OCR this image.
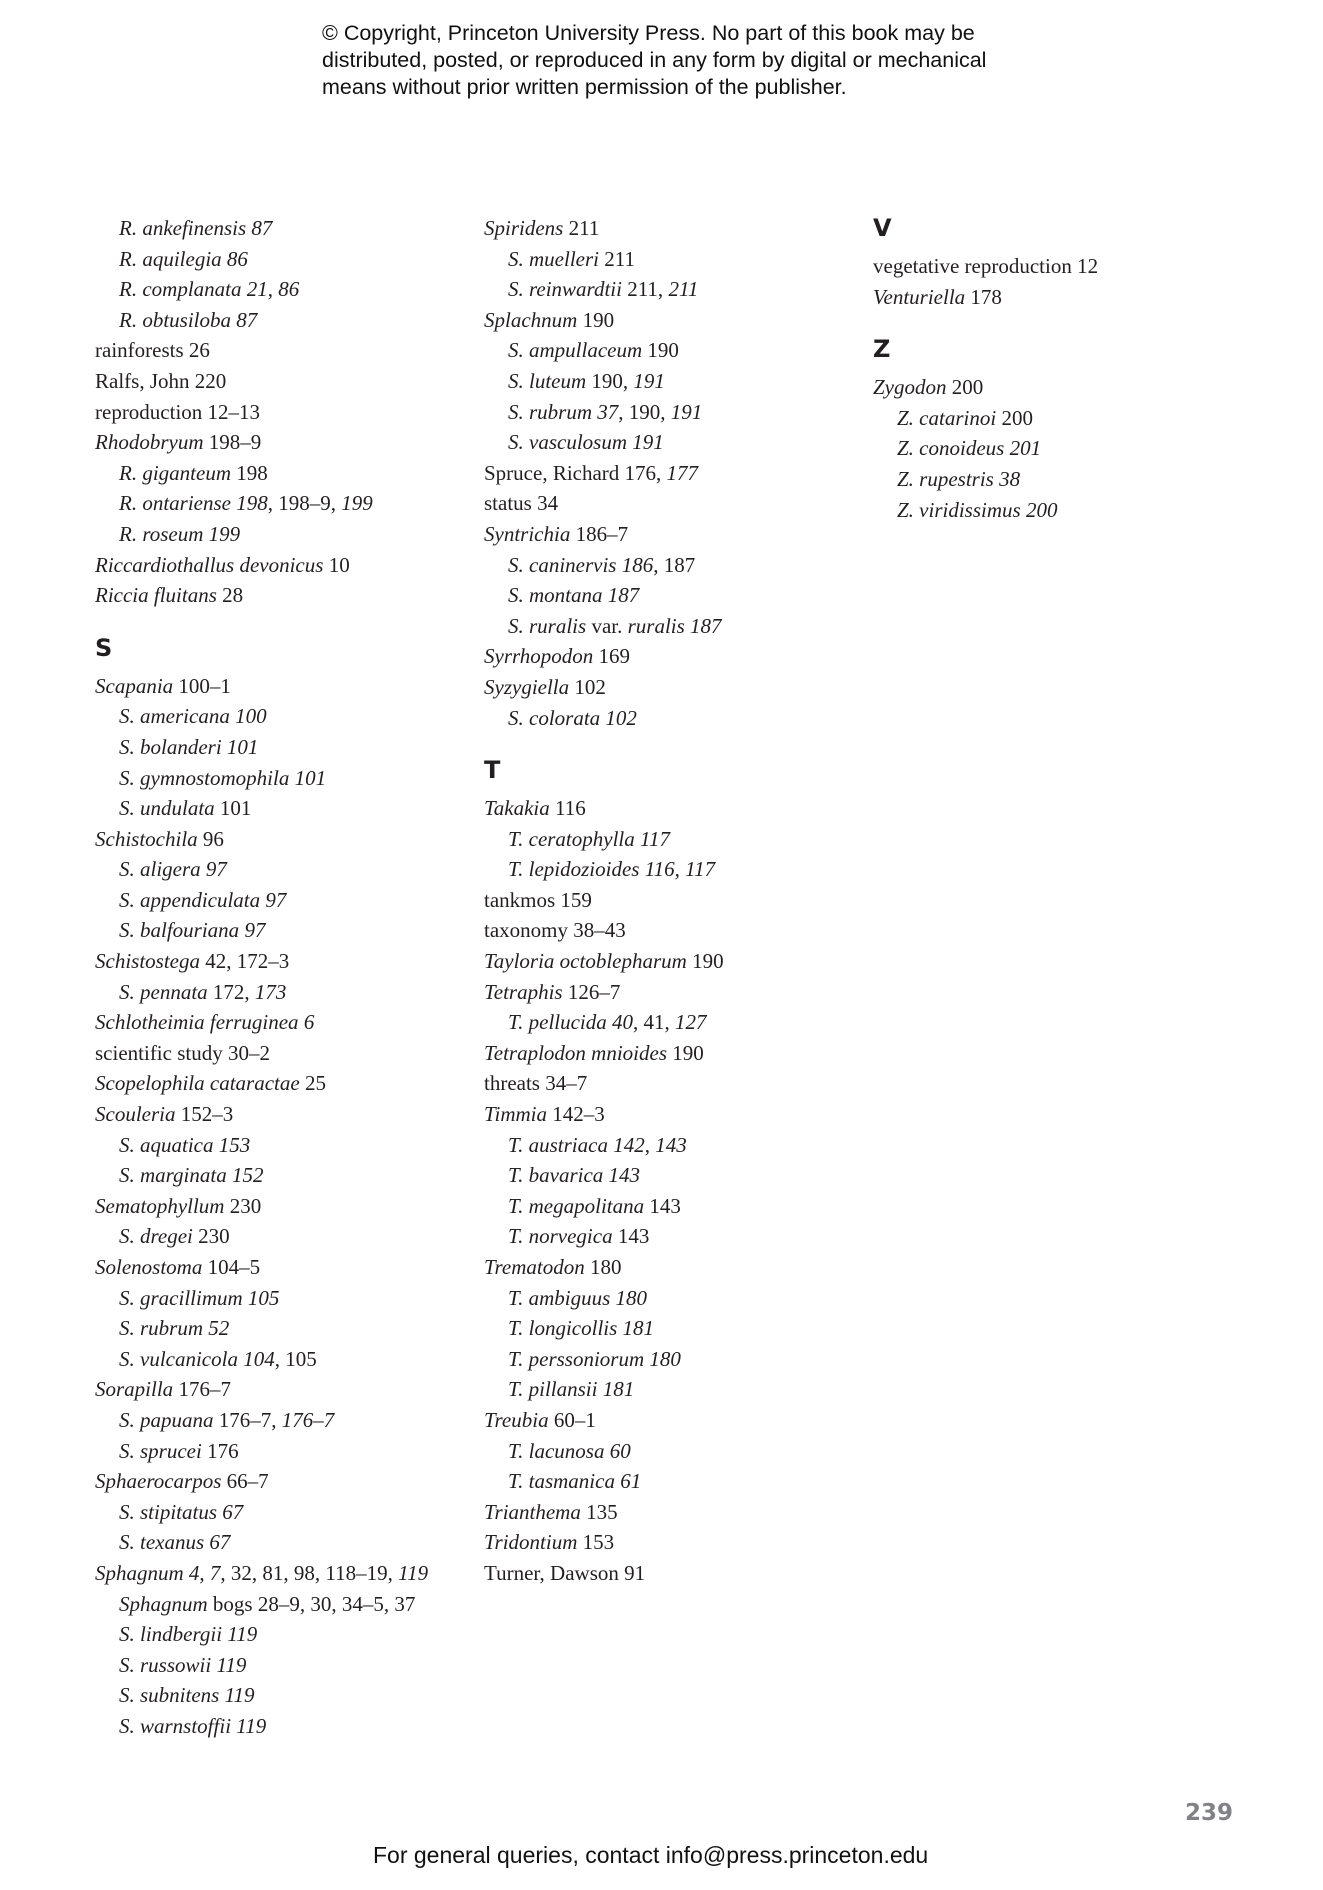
© Copyright, Princeton University Press. No part of this book may be
distributed, posted, or reproduced in any form by digital or mechanical
means without prior written permission of the publisher.
R. ankefinensis 87
R. aquilegia 86
R. complanata 21, 86
R. obtusiloba 87
rainforests 26
Ralfs, John 220
reproduction 12–13
Rhodobryum 198–9
R. giganteum 198
R. ontariense 198, 198–9, 199
R. roseum 199
Riccardiothallus devonicus 10
Riccia fluitans 28
S
Scapania 100–1
S. americana 100
S. bolanderi 101
S. gymnostomophila 101
S. undulata 101
Schistochila 96
S. aligera 97
S. appendiculata 97
S. balfouriana 97
Schistostega 42, 172–3
S. pennata 172, 173
Schlotheimia ferruginea 6
scientific study 30–2
Scopelophila cataractae 25
Scouleria 152–3
S. aquatica 153
S. marginata 152
Sematophyllum 230
S. dregei 230
Solenostoma 104–5
S. gracillimum 105
S. rubrum 52
S. vulcanicola 104, 105
Sorapilla 176–7
S. papuana 176–7, 176–7
S. sprucei 176
Sphaerocarpos 66–7
S. stipitatus 67
S. texanus 67
Sphagnum 4, 7, 32, 81, 98, 118–19, 119
Sphagnum bogs 28–9, 30, 34–5, 37
S. lindbergii 119
S. russowii 119
S. subnitens 119
S. warnstoffii 119
Spiridens 211
S. muelleri 211
S. reinwardtii 211, 211
Splachnum 190
S. ampullaceum 190
S. luteum 190, 191
S. rubrum 37, 190, 191
S. vasculosum 191
Spruce, Richard 176, 177
status 34
Syntrichia 186–7
S. caninervis 186, 187
S. montana 187
S. ruralis var. ruralis 187
Syrrhopodon 169
Syzygiella 102
S. colorata 102
T
Takakia 116
T. ceratophylla 117
T. lepidozioides 116, 117
tankmos 159
taxonomy 38–43
Tayloria octoblepharum 190
Tetraphis 126–7
T. pellucida 40, 41, 127
Tetraplodon mnioides 190
threats 34–7
Timmia 142–3
T. austriaca 142, 143
T. bavarica 143
T. megapolitana 143
T. norvegica 143
Trematodon 180
T. ambiguus 180
T. longicollis 181
T. perssoniorum 180
T. pillansii 181
Treubia 60–1
T. lacunosa 60
T. tasmanica 61
Trianthema 135
Tridontium 153
Turner, Dawson 91
V
vegetative reproduction 12
Venturiella 178
Z
Zygodon 200
Z. catarinoi 200
Z. conoideus 201
Z. rupestris 38
Z. viridissimus 200
239
For general queries, contact info@press.princeton.edu
